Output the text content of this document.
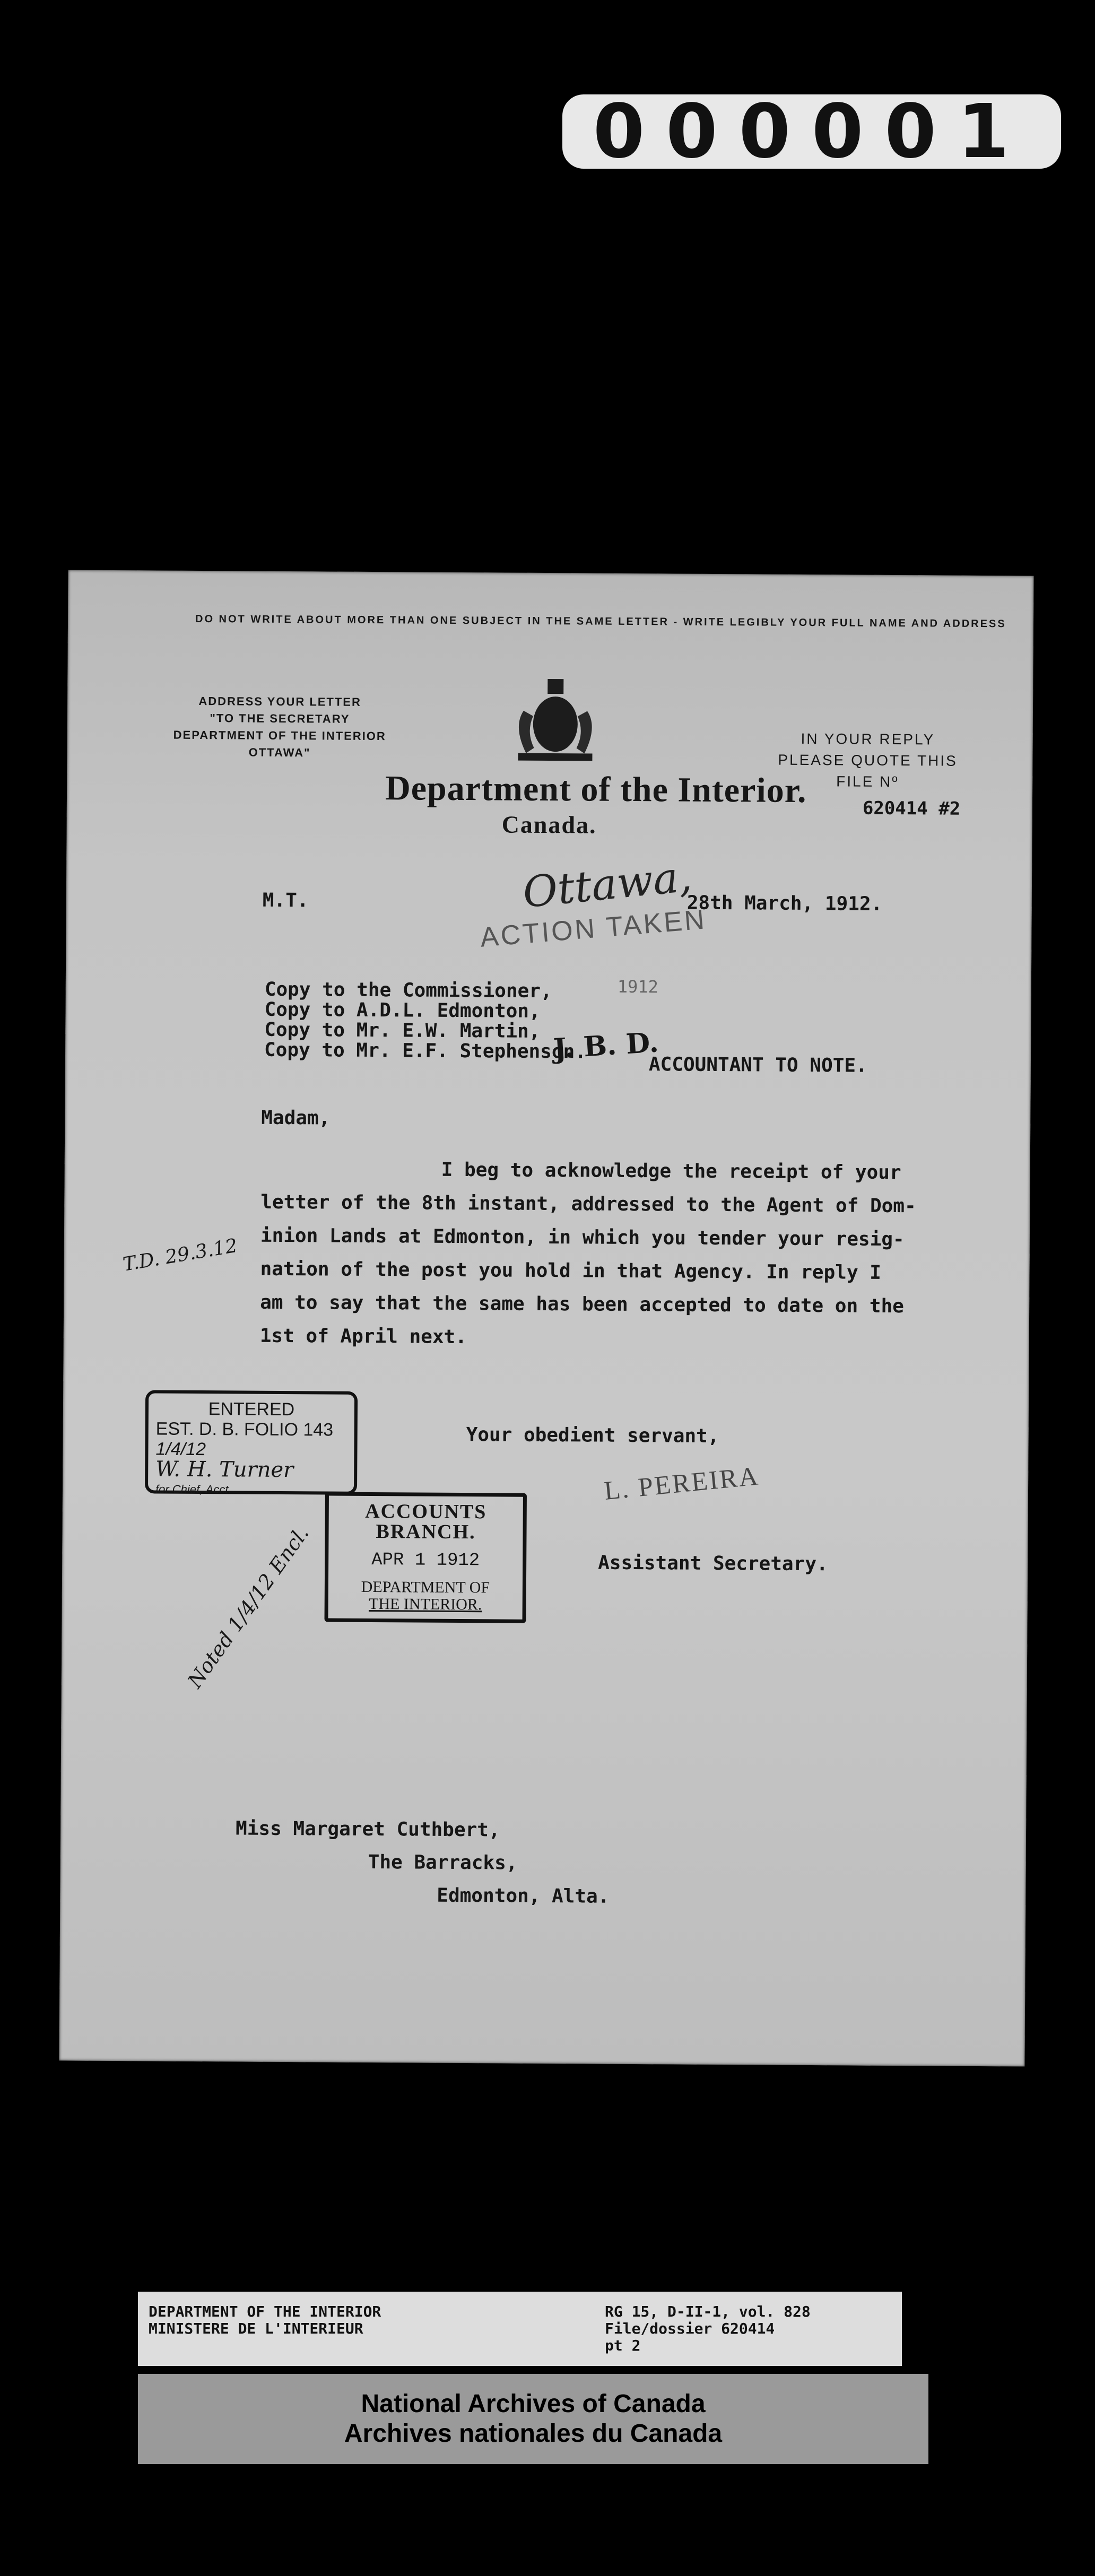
000001
DO NOT WRITE ABOUT MORE THAN ONE SUBJECT IN THE SAME LETTER - WRITE LEGIBLY YOUR FULL NAME AND ADDRESS
ADDRESS YOUR LETTER
"TO THE SECRETARY
DEPARTMENT OF THE INTERIOR
OTTAWA"
Department of the Interior.
Canada.
IN YOUR REPLY
PLEASE QUOTE THIS
FILE Nº
620414 #2
M.T.	Ottawa,
28th March, 1912.
ACTION TAKEN
1912
Copy to the Commissioner,
Copy to A.D.L. Edmonton,
Copy to Mr. E.W. Martin,
Copy to Mr. E.F. Stephenson.
J. B. D.
ACCOUNTANT TO NOTE.
Madam,
I beg to acknowledge the receipt of your
letter of the 8th instant, addressed to the Agent of Dom-
inion Lands at Edmonton, in which you tender your resig-
nation of the post you hold in that Agency. In reply I
am to say that the same has been accepted to date on the
1st of April next.
T.D. 29.3.12
Your obedient servant,
L. PEREIRA
Assistant Secretary.
ENTERED
EST. D. B. FOLIO 143
1/4/12
W. H. Turner
for Chief, Acct.
ACCOUNTS
BRANCH.
APR 1 1912
DEPARTMENT OF
THE INTERIOR.
Noted 1/4/12 Encl.
Miss Margaret Cuthbert,
The Barracks,
Edmonton, Alta.
DEPARTMENT OF THE INTERIOR
MINISTERE DE L'INTERIEUR
RG 15, D-II-1, vol. 828
File/dossier 620414
pt 2
National Archives of Canada
Archives nationales du Canada
